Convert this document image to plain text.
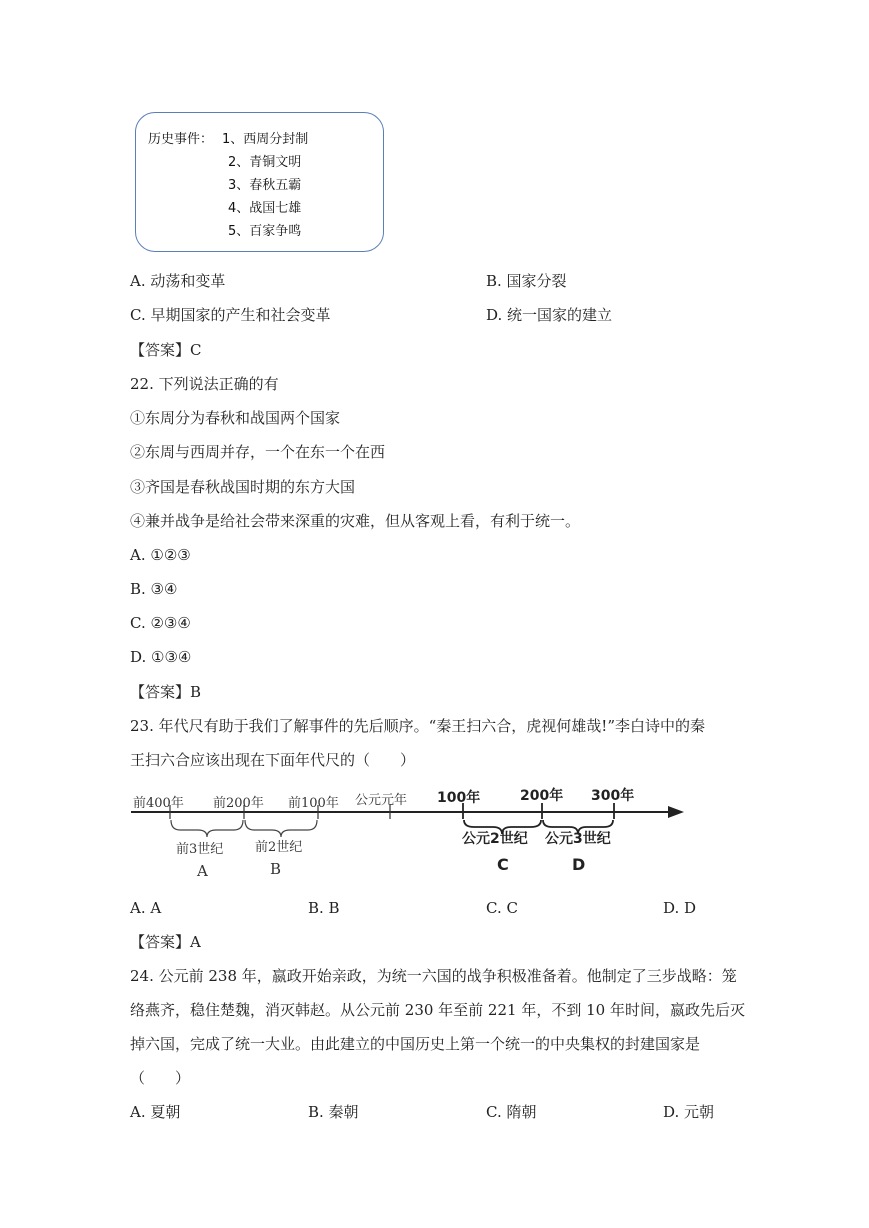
历史事件： 1、西周分封制
2、青铜文明
3、春秋五霸
4、战国七雄
5、百家争鸣
A. 动荡和变革	B. 国家分裂
C. 早期国家的产生和社会变革	D. 统一国家的建立
【答案】C
22. 下列说法正确的有
①东周分为春秋和战国两个国家
②东周与西周并存，一个在东一个在西
③齐国是春秋战国时期的东方大国
④兼并战争是给社会带来深重的灾难，但从客观上看，有利于统一。
A. ①②③
B. ③④
C. ②③④
D. ①③④
【答案】B
23. 年代尺有助于我们了解事件的先后顺序。“秦王扫六合，虎视何雄哉!”李白诗中的秦
王扫六合应该出现在下面年代尺的（　　）
前400年 前200年 前100年 公元元年 100年	200年 300年
前3世纪 前2世纪
公元2世纪 公元3世纪
A	B	C	D
A. A	B. B	C. C	D. D
【答案】A
24. 公元前 238 年，嬴政开始亲政，为统一六国的战争积极准备着。他制定了三步战略：笼
络燕齐，稳住楚魏，消灭韩赵。从公元前 230 年至前 221 年，不到 10 年时间，嬴政先后灭
掉六国，完成了统一大业。由此建立的中国历史上第一个统一的中央集权的封建国家是
（　　）
A. 夏朝	B. 秦朝	C. 隋朝	D. 元朝
